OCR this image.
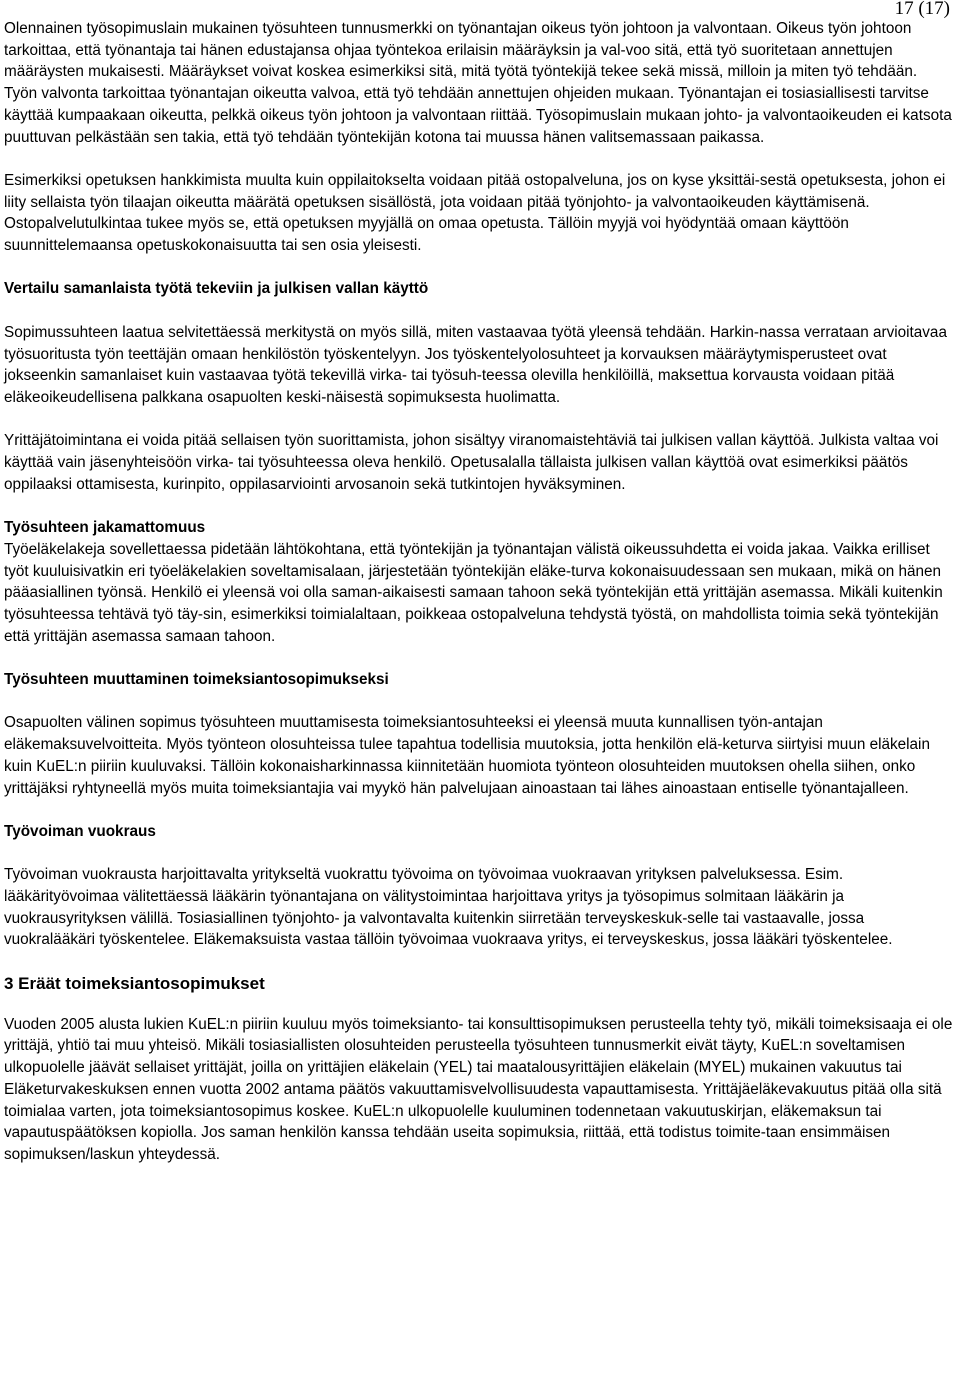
17 (17)

Olennainen työsopimuslain mukainen työsuhteen tunnusmerkki on työnantajan oikeus työn johtoon ja valvontaan. Oikeus työn johtoon tarkoittaa, että työnantaja tai hänen edustajansa ohjaa työntekoa erilaisin määräyksin ja val-voo sitä, että työ suoritetaan annettujen määräysten mukaisesti. Määräykset voivat koskea esimerkiksi sitä, mitä työtä työntekijä tekee sekä missä, milloin ja miten työ tehdään. Työn valvonta tarkoittaa työnantajan oikeutta valvoa, että työ tehdään annettujen ohjeiden mukaan. Työnantajan ei tosiasiallisesti tarvitse käyttää kumpaakaan oikeutta, pelkkä oikeus työn johtoon ja valvontaan riittää. Työsopimuslain mukaan johto- ja valvontaoikeuden ei katsota puuttuvan pelkästään sen takia, että työ tehdään työntekijän kotona tai muussa hänen valitsemassaan paikassa.

Esimerkiksi opetuksen hankkimista muulta kuin oppilaitokselta voidaan pitää ostopalveluna, jos on kyse yksittäi-sestä opetuksesta, johon ei liity sellaista työn tilaajan oikeutta määrätä opetuksen sisällöstä, jota voidaan pitää työnjohto- ja valvontaoikeuden käyttämisenä. Ostopalvelutulkintaa tukee myös se, että opetuksen myyjällä on omaa opetusta. Tällöin myyjä voi hyödyntää omaan käyttöön suunnittelemaansa opetuskokonaisuutta tai sen osia yleisesti.

Vertailu samanlaista työtä tekeviin ja julkisen vallan käyttö

Sopimussuhteen laatua selvitettäessä merkitystä on myös sillä, miten vastaavaa työtä yleensä tehdään. Harkin-nassa verrataan arvioitavaa työsuoritusta työn teettäjän omaan henkilöstön työskentelyyn. Jos työskentelyolosuhteet ja korvauksen määräytymisperusteet ovat jokseenkin samanlaiset kuin vastaavaa työtä tekevillä virka- tai työsuh-teessa olevilla henkilöillä, maksettua korvausta voidaan pitää eläkeoikeudellisena palkkana osapuolten keski-näisestä sopimuksesta huolimatta.

Yrittäjätoimintana ei voida pitää sellaisen työn suorittamista, johon sisältyy viranomaistehtäviä tai julkisen vallan käyttöä. Julkista valtaa voi käyttää vain jäsenyhteisöön virka- tai työsuhteessa oleva henkilö. Opetusalalla tällaista julkisen vallan käyttöä ovat esimerkiksi päätös oppilaaksi ottamisesta, kurinpito, oppilasarviointi arvosanoin sekä tutkintojen hyväksyminen.

Työsuhteen jakamattomuus

Työeläkelakeja sovellettaessa pidetään lähtökohtana, että työntekijän ja työnantajan välistä oikeussuhdetta ei voida jakaa. Vaikka erilliset työt kuuluisivatkin eri työeläkelakien soveltamisalaan, järjestetään työntekijän eläke-turva kokonaisuudessaan sen mukaan, mikä on hänen pääasiallinen työnsä. Henkilö ei yleensä voi olla saman-aikaisesti samaan tahoon sekä työntekijän että yrittäjän asemassa. Mikäli kuitenkin työsuhteessa tehtävä työ täy-sin, esimerkiksi toimialaltaan, poikkeaa ostopalveluna tehdystä työstä, on mahdollista toimia sekä työntekijän että yrittäjän asemassa samaan tahoon.

Työsuhteen muuttaminen toimeksiantosopimukseksi

Osapuolten välinen sopimus työsuhteen muuttamisesta toimeksiantosuhteeksi ei yleensä muuta kunnallisen työn-antajan eläkemaksuvelvoitteita. Myös työnteon olosuhteissa tulee tapahtua todellisia muutoksia, jotta henkilön elä-keturva siirtyisi muun eläkelain kuin KuEL:n piiriin kuuluvaksi. Tällöin kokonaisharkinnassa kiinnitetään huomiota työnteon olosuhteiden muutoksen ohella siihen, onko yrittäjäksi ryhtyneellä myös muita toimeksiantajia vai myykö hän palvelujaan ainoastaan tai lähes ainoastaan entiselle työnantajalleen.

Työvoiman vuokraus

Työvoiman vuokrausta harjoittavalta yritykseltä vuokrattu työvoima on työvoimaa vuokraavan yrityksen palveluksessa. Esim. lääkärityövoimaa välitettäessä lääkärin työnantajana on välitystoimintaa harjoittava yritys ja työsopimus solmitaan lääkärin ja vuokrausyrityksen välillä. Tosiasiallinen työnjohto- ja valvontavalta kuitenkin siirretään terveyskeskuk-selle tai vastaavalle, jossa vuokralääkäri työskentelee. Eläkemaksuista vastaa tällöin työvoimaa vuokraava yritys, ei terveyskeskus, jossa lääkäri työskentelee.

3 Eräät toimeksiantosopimukset

Vuoden 2005 alusta lukien KuEL:n piiriin kuuluu myös toimeksianto- tai konsulttisopimuksen perusteella tehty työ, mikäli toimeksisaaja ei ole yrittäjä, yhtiö tai muu yhteisö. Mikäli tosiasiallisten olosuhteiden perusteella työsuhteen tunnusmerkit eivät täyty, KuEL:n soveltamisen ulkopuolelle jäävät sellaiset yrittäjät, joilla on yrittäjien eläkelain (YEL) tai maatalousyrittäjien eläkelain (MYEL) mukainen vakuutus tai Eläketurvakeskuksen ennen vuotta 2002 antama päätös vakuuttamisvelvollisuudesta vapauttamisesta. Yrittäjäeläkevakuutus pitää olla sitä toimialaa varten, jota toimeksiantosopimus koskee. KuEL:n ulkopuolelle kuuluminen todennetaan vakuutuskirjan, eläkemaksun tai vapautuspäätöksen kopiolla. Jos saman henkilön kanssa tehdään useita sopimuksia, riittää, että todistus toimite-taan ensimmäisen sopimuksen/laskun yhteydessä.
